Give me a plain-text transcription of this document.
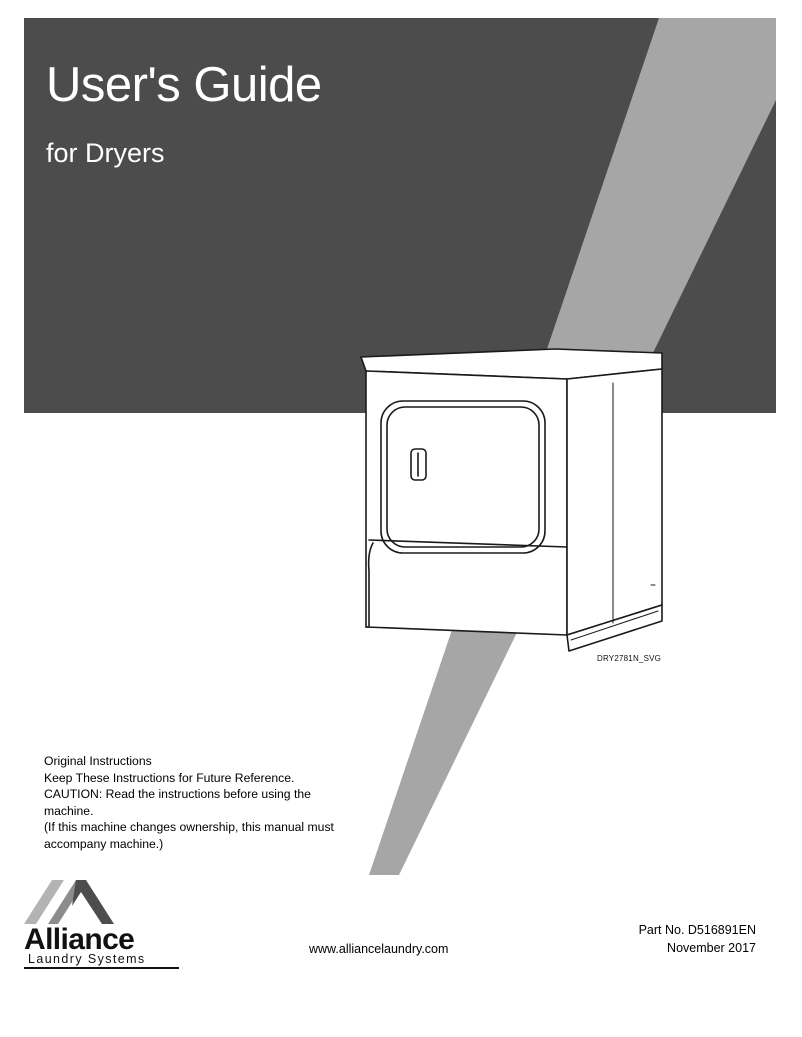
User's Guide
for Dryers
DRY2781N_SVG
Original Instructions
Keep These Instructions for Future Reference.
CAUTION: Read the instructions before using the machine.
(If this machine changes ownership, this manual must accompany machine.)
Alliance
Laundry Systems
www.alliancelaundry.com
Part No. D516891EN
November 2017
